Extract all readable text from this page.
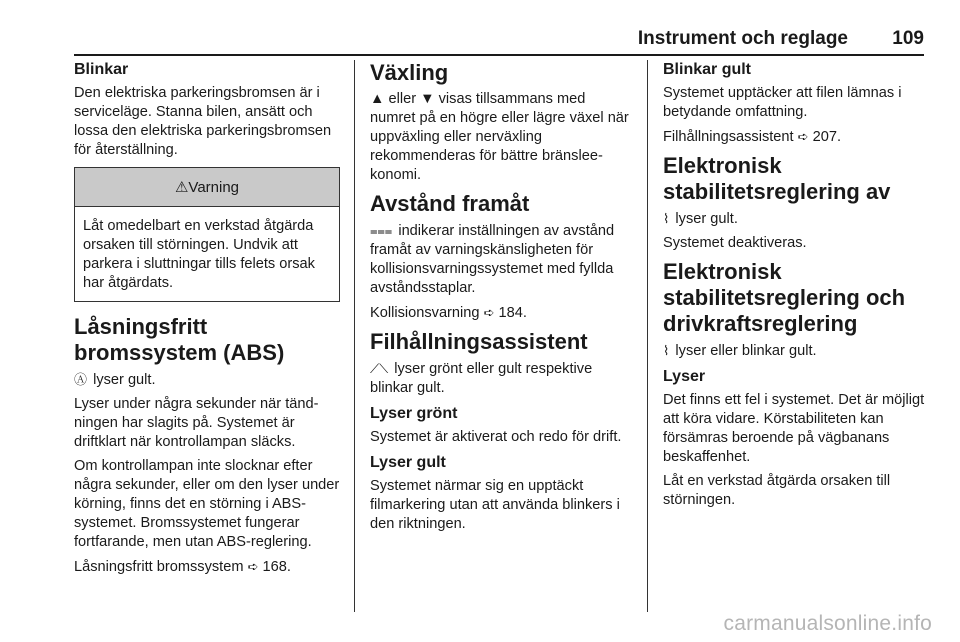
Instrument och reglage 109
Blinkar

Den elektriska parkeringsbromsen är i serviceläge. Stanna bilen, ansätt och lossa den elektriska parkeringsbromsen för återställning.

⚠ Varning

Låt omedelbart en verkstad åtgärda orsaken till störningen. Undvik att parkera i sluttningar tills felets orsak har åtgärdats.

Låsningsfritt bromssystem (ABS)

Ⓐ lyser gult.

Lyser under några sekunder när tändningen har slagits på. Systemet är driftklart när kontrollampan släcks.

Om kontrollampan inte slocknar efter några sekunder, eller om den lyser under körning, finns det en störning i ABS-systemet. Bromssystemet fungerar fortfarande, men utan ABS-reglering.

Låsningsfritt bromssystem ➪ 168.

Växling

▲ eller ▼ visas tillsammans med numret på en högre eller lägre växel när uppväxling eller nerväxling rekommenderas för bättre bränsleekonomi.

Avstånd framåt

⩶ indikerar inställningen av avstånd framåt av varningskänsligheten för kollisionsvarningssystemet med fyllda avståndsstaplar.

Kollisionsvarning ➪ 184.

Filhållningsassistent

⟋⟍ lyser grönt eller gult respektive blinkar gult.

Lyser grönt

Systemet är aktiverat och redo för drift.

Lyser gult

Systemet närmar sig en upptäckt filmarkering utan att använda blinkers i den riktningen.

Blinkar gult

Systemet upptäcker att filen lämnas i betydande omfattning.

Filhållningsassistent ➪ 207.

Elektronisk stabilitetsreglering av

⌇ lyser gult.

Systemet deaktiveras.

Elektronisk stabilitetsreglering och drivkraftsreglering

⌇ lyser eller blinkar gult.

Lyser

Det finns ett fel i systemet. Det är möjligt att köra vidare. Körstabiliteten kan försämras beroende på vägbanans beskaffenhet.

Låt en verkstad åtgärda orsaken till störningen.

carmanualsonline.info
